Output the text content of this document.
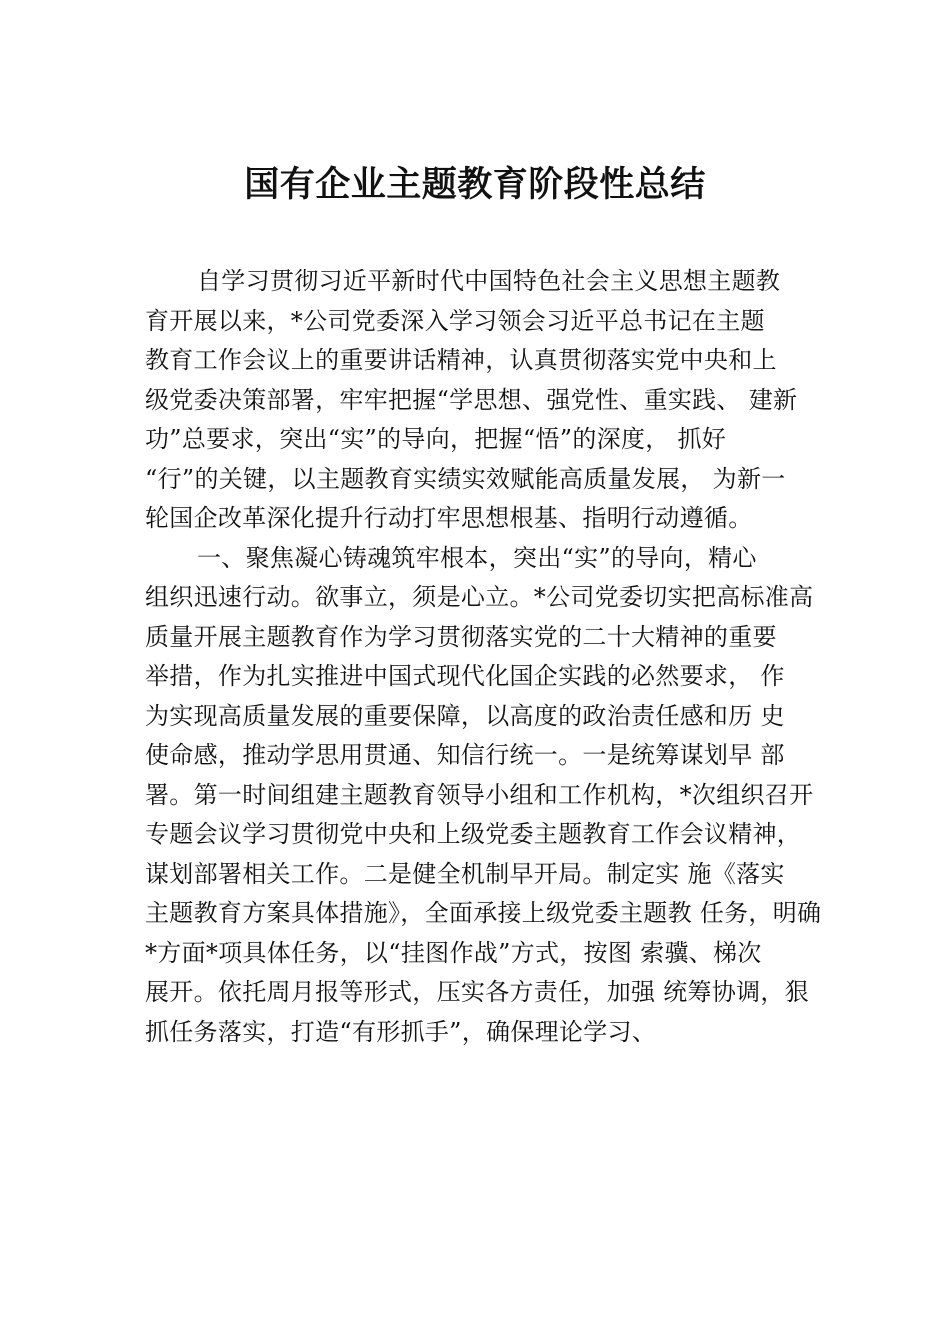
国有企业主题教育阶段性总结
自学习贯彻习近平新时代中国特色社会主义思想主题教
育开展以来，*公司党委深入学习领会习近平总书记在主题
教育工作会议上的重要讲话精神，认真贯彻落实党中央和上
级党委决策部署，牢牢把握“学思想、强党性、重实践、 建新
功”总要求，突出“实”的导向，把握“悟”的深度， 抓好
“行”的关键，以主题教育实绩实效赋能高质量发展， 为新一
轮国企改革深化提升行动打牢思想根基、指明行动遵循。
一、聚焦凝心铸魂筑牢根本，突出“实”的导向，精心
组织迅速行动。欲事立，须是心立。*公司党委切实把高标准高
质量开展主题教育作为学习贯彻落实党的二十大精神的重要
举措，作为扎实推进中国式现代化国企实践的必然要求， 作
为实现高质量发展的重要保障，以高度的政治责任感和历 史
使命感，推动学思用贯通、知信行统一。一是统筹谋划早 部
署。第一时间组建主题教育领导小组和工作机构，*次组织召开
专题会议学习贯彻党中央和上级党委主题教育工作会议精神，
谋划部署相关工作。二是健全机制早开局。制定实 施《落实
主题教育方案具体措施》，全面承接上级党委主题教 任务，明确
*方面*项具体任务，以“挂图作战”方式，按图 索骥、梯次
展开。依托周月报等形式，压实各方责任，加强 统筹协调，狠
抓任务落实，打造“有形抓手”，确保理论学习、
